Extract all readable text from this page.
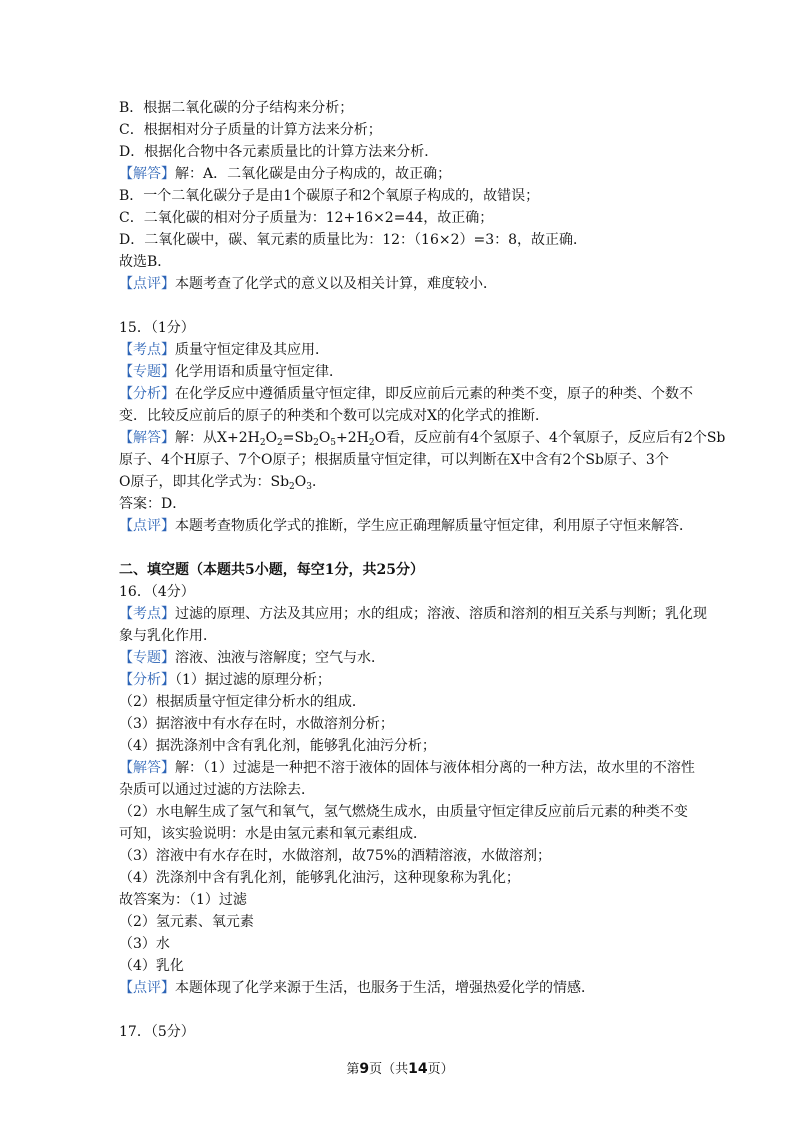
B．根据二氧化碳的分子结构来分析；
C．根据相对分子质量的计算方法来分析；
D．根据化合物中各元素质量比的计算方法来分析．
【解答】解：A．二氧化碳是由分子构成的，故正确；
B．一个二氧化碳分子是由1个碳原子和2个氧原子构成的，故错误；
C．二氧化碳的相对分子质量为：12+16×2=44，故正确；
D．二氧化碳中，碳、氧元素的质量比为：12：（16×2）=3：8，故正确．
故选B．
【点评】本题考查了化学式的意义以及相关计算，难度较小．
15．（1分）
【考点】质量守恒定律及其应用．
【专题】化学用语和质量守恒定律．
【分析】在化学反应中遵循质量守恒定律，即反应前后元素的种类不变，原子的种类、个数不
变．比较反应前后的原子的种类和个数可以完成对X的化学式的推断．
【解答】解：从$X+2H_2O_2=Sb_2O_5+2H_2O$看，反应前有4个氢原子、4个氧原子，反应后有2个Sb
原子、4个H原子、7个O原子；根据质量守恒定律，可以判断在X中含有2个Sb原子、3个
O原子，即其化学式为：$Sb_2O_3$．
答案：D．
【点评】本题考查物质化学式的推断，学生应正确理解质量守恒定律，利用原子守恒来解答．
二、填空题（本题共5小题，每空1分，共25分）
16．（4分）
【考点】过滤的原理、方法及其应用；水的组成；溶液、溶质和溶剂的相互关系与判断；乳化现
象与乳化作用．
【专题】溶液、浊液与溶解度；空气与水．
【分析】（1）据过滤的原理分析；
（2）根据质量守恒定律分析水的组成．
（3）据溶液中有水存在时，水做溶剂分析；
（4）据洗涤剂中含有乳化剂，能够乳化油污分析；
【解答】解：（1）过滤是一种把不溶于液体的固体与液体相分离的一种方法，故水里的不溶性
杂质可以通过过滤的方法除去．
（2）水电解生成了氢气和氧气，氢气燃烧生成水，由质量守恒定律反应前后元素的种类不变
可知，该实验说明：水是由氢元素和氧元素组成．
（3）溶液中有水存在时，水做溶剂，故75%的酒精溶液，水做溶剂；
（4）洗涤剂中含有乳化剂，能够乳化油污，这种现象称为乳化；
故答案为：（1）过滤
（2）氢元素、氧元素
（3）水
（4）乳化
【点评】本题体现了化学来源于生活，也服务于生活，增强热爱化学的情感．
17．（5分）
第9页（共14页）
